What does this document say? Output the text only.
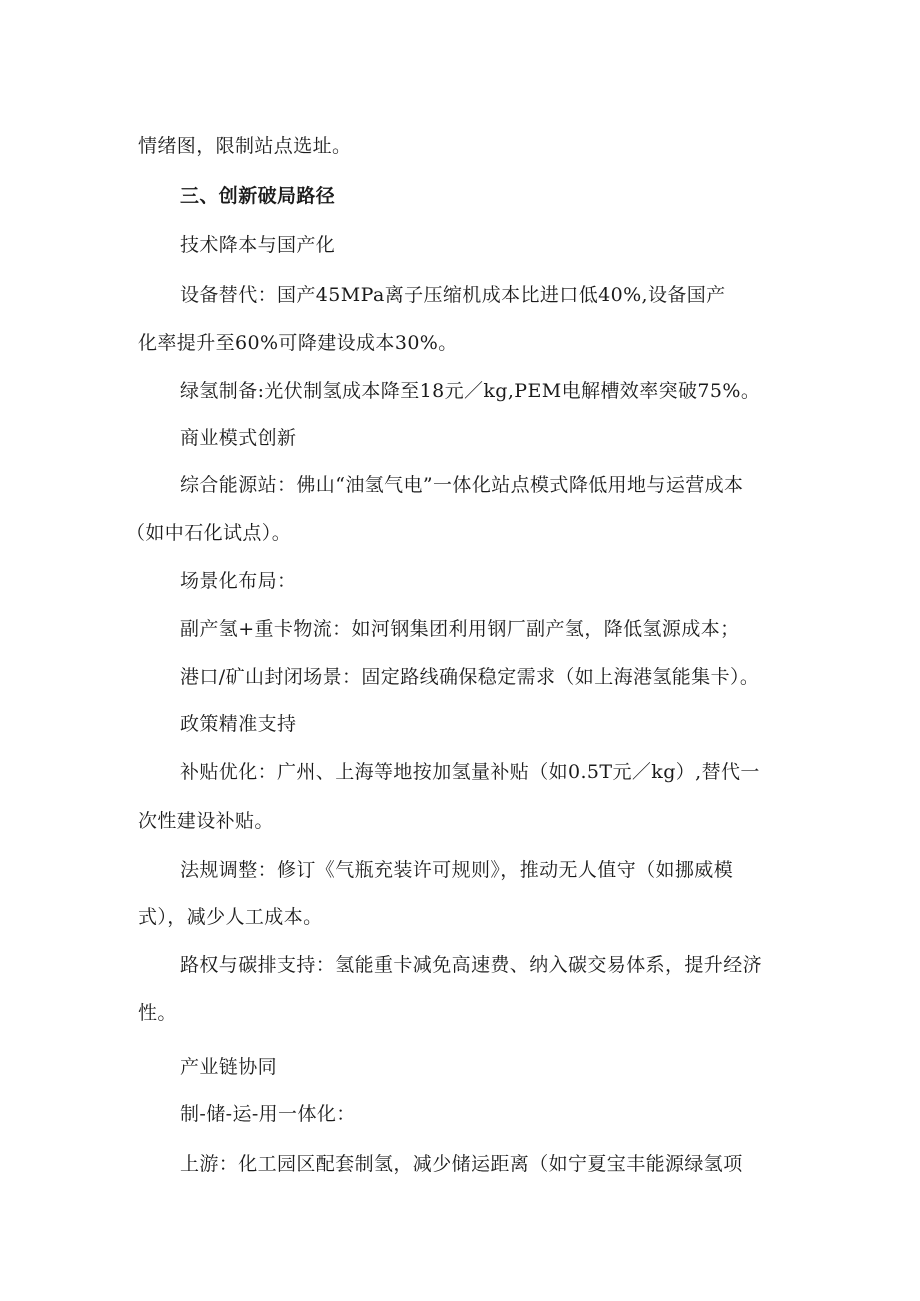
情绪图，限制站点选址。
三、创新破局路径
技术降本与国产化
设备替代：国产45MPa离子压缩机成本比进口低40%,设备国产
化率提升至60%可降建设成本30%。
绿氢制备:光伏制氢成本降至18元／kg,PEM电解槽效率突破75%。
商业模式创新
综合能源站：佛山“油氢气电”一体化站点模式降低用地与运营成本
（如中石化试点）。
场景化布局：
副产氢+重卡物流：如河钢集团利用钢厂副产氢，降低氢源成本；
港口/矿山封闭场景：固定路线确保稳定需求（如上海港氢能集卡）。
政策精准支持
补贴优化：广州、上海等地按加氢量补贴（如0.5T元／kg）,替代一
次性建设补贴。
法规调整：修订《气瓶充装许可规则》，推动无人值守（如挪威模
式），减少人工成本。
路权与碳排支持：氢能重卡减免高速费、纳入碳交易体系，提升经济
性。
产业链协同
制-储-运-用一体化：
上游：化工园区配套制氢，减少储运距离（如宁夏宝丰能源绿氢项
